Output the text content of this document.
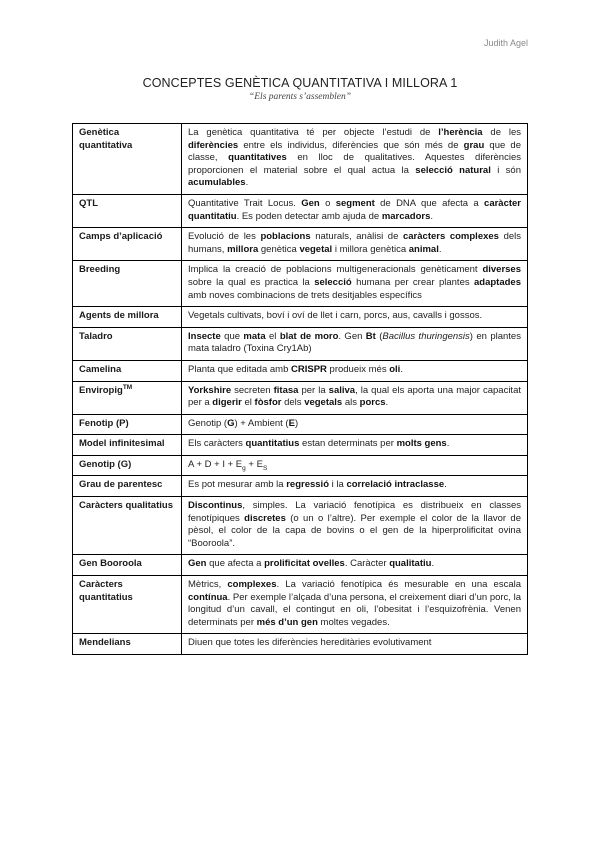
Judith Agel
CONCEPTES GENÈTICA QUANTITATIVA I MILLORA 1
“Els parents s’assemblen”
Genètica quantitativa	La genètica quantitativa té per objecte l’estudi de l’herència de les diferències entre els individus, diferències que són més de grau que de classe, quantitatives en lloc de qualitatives. Aquestes diferències proporcionen el material sobre el qual actua la selecció natural i són acumulables.
QTL	Quantitative Trait Locus. Gen o segment de DNA que afecta a caràcter quantitatiu. Es poden detectar amb ajuda de marcadors.
Camps d’aplicació	Evolució de les poblacions naturals, anàlisi de caràcters complexes dels humans, millora genètica vegetal i millora genètica animal.
Breeding	Implica la creació de poblacions multigeneracionals genèticament diverses sobre la qual es practica la selecció humana per crear plantes adaptades amb noves combinacions de trets desitjables específics
Agents de millora	Vegetals cultivats, boví i oví de llet i carn, porcs, aus, cavalls i gossos.
Taladro	Insecte que mata el blat de moro. Gen Bt (Bacillus thuringensis) en plantes mata taladro (Toxina Cry1Ab)
Camelina	Planta que editada amb CRISPR produeix més oli.
Enviropig™	Yorkshire secreten fitasa per la saliva, la qual els aporta una major capacitat per a digerir el fòsfor dels vegetals als porcs.
Fenotip (P)	Genotip (G) + Ambient (E)
Model infinitesimal	Els caràcters quantitatius estan determinats per molts gens.
Genotip (G)	$A + D + I + E_g + E_S$
Grau de parentesc	Es pot mesurar amb la regressió i la correlació intraclasse.
Caràcters qualitatius	Discontinus, simples. La variació fenotípica es distribueix en classes fenotípiques discretes (o un o l’altre). Per exemple el color de la llavor de pèsol, el color de la capa de bovins o el gen de la hiperprolificitat ovina “Booroola”.
Gen Booroola	Gen que afecta a prolificitat ovelles. Caràcter qualitatiu.
Caràcters quantitatius	Mètrics, complexes. La variació fenotípica és mesurable en una escala contínua. Per exemple l’alçada d’una persona, el creixement diari d’un porc, la longitud d’un cavall, el contingut en oli, l’obesitat i l’esquizofrènia. Venen determinats per més d’un gen moltes vegades.
Mendelians	Diuen que totes les diferències hereditàries evolutivament
